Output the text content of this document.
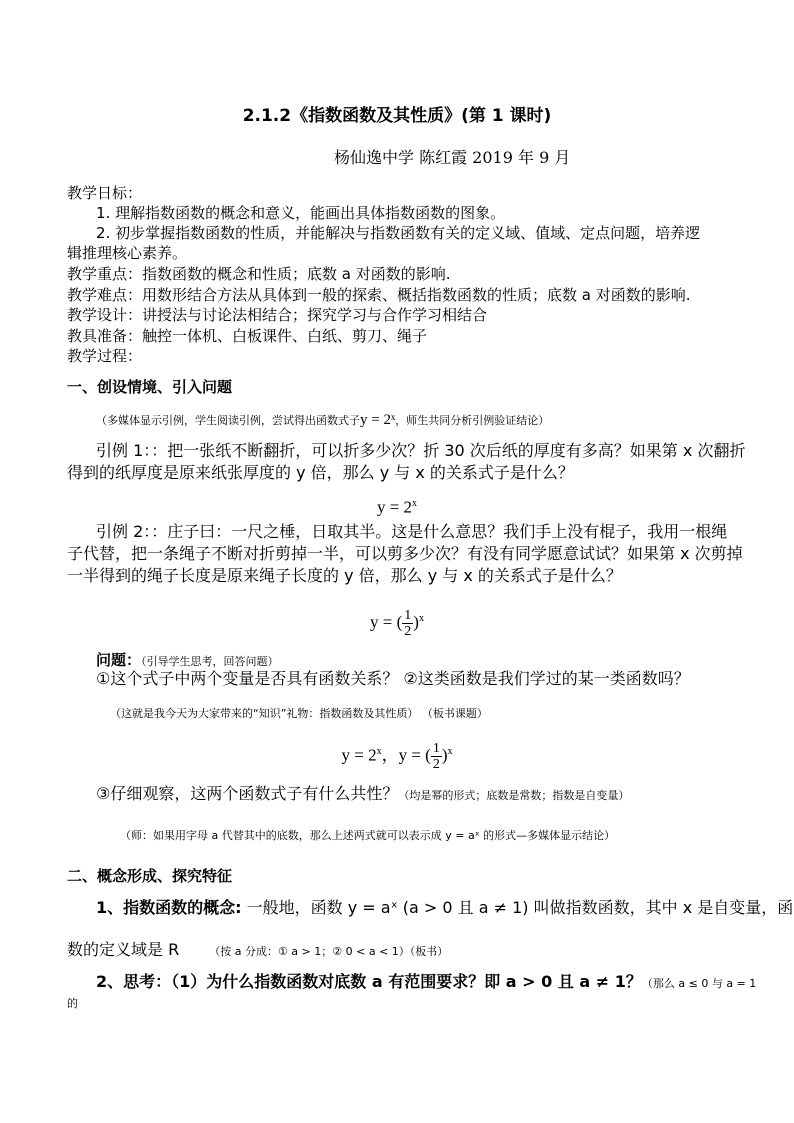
2.1.2《指数函数及其性质》(第 1 课时)
杨仙逸中学 陈红霞 2019 年 9 月
教学日标：
1. 理解指数函数的概念和意义，能画出具体指数函数的图象。
2. 初步掌握指数函数的性质，并能解决与指数函数有关的定义域、值域、定点问题，培养逻
辑推理核心素养。
教学重点：指数函数的概念和性质；底数 a 对函数的影响.
教学难点：用数形结合方法从具体到一般的探索、概括指数函数的性质；底数 a 对函数的影响.
教学设计：讲授法与讨论法相结合；探究学习与合作学习相结合
教具准备：触控一体机、白板课件、白纸、剪刀、绳子
教学过程：
一、创设情境、引入问题
（多媒体显示引例，学生阅读引例，尝试得出函数式子y = 2ˣ，师生共同分析引例验证结论）
引例 1：：把一张纸不断翻折，可以折多少次？折 30 次后纸的厚度有多高？如果第 x 次翻折
得到的纸厚度是原来纸张厚度的 y 倍，那么 y 与 x 的关系式子是什么？
$y = 2^x$
引例 2：：庄子曰：一尺之棰，日取其半。这是什么意思？我们手上没有棍子，我用一根绳
子代替，把一条绳子不断对折剪掉一半，可以剪多少次？有没有同学愿意试试？如果第 x 次剪掉
一半得到的绳子长度是原来绳子长度的 y 倍，那么 y 与 x 的关系式子是什么？
y = ( $\frac{1}{2} )^x$
问题：（引导学生思考，回答问题）
①这个式子中两个变量是否具有函数关系？ ②这类函数是我们学过的某一类函数吗？
（这就是我今天为大家带来的“知识”礼物：指数函数及其性质） （板书课题）
$y = 2^x$，y = ( $\frac{1}{2} )^x$
③仔细观察，这两个函数式子有什么共性？（均是幂的形式；底数是常数；指数是自变量）
（师：如果用字母 a 代替其中的底数，那么上述两式就可以表示成 y = aˣ 的形式—多媒体显示结论）
二、概念形成、探究特征
1、指数函数的概念: 一般地，函数 y = aˣ (a > 0 且 a ≠ 1) 叫做指数函数，其中 x 是自变量，函
数的定义域是 R	（按 a 分成：① a > 1；② 0 < a < 1）（板书）
2、思考：（1）为什么指数函数对底数 a 有范围要求？即 a > 0 且 a ≠ 1？（那么 a ≤ 0 与 a = 1
的
